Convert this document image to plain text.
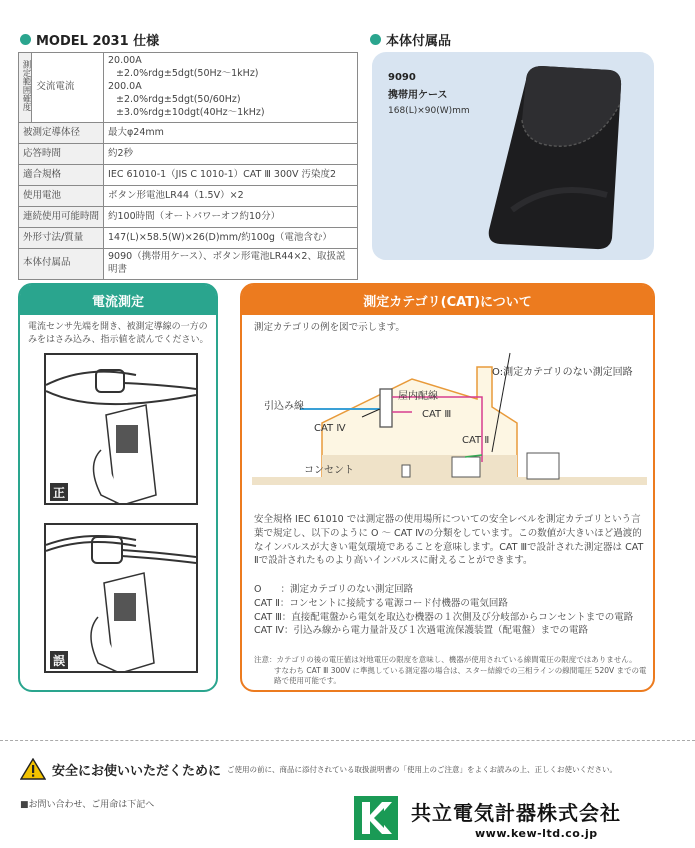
MODEL 2031 仕様
測定範囲確度	交流電流	20.00A
±2.0%rdg±5dgt(50Hz～1kHz)
200.0A
±2.0%rdg±5dgt(50/60Hz)
±3.0%rdg±10dgt(40Hz～1kHz)

被測定導体径		最大φ24mm
応答時間		約2秒
適合規格		IEC 61010-1（JIS C 1010-1）CAT Ⅲ 300V 汚染度2
使用電池		ボタン形電池LR44（1.5V）×2
連続使用可能時間		約100時間（オートパワーオフ約10分）
外形寸法/質量		147(L)×58.5(W)×26(D)mm/約100g（電池含む）
本体付属品		9090（携帯用ケース）、ボタン形電池LR44×2、取扱説明書
本体付属品
9090
携帯用ケース
168(L)×90(W)mm
電流測定
電流センサ先端を開き、被測定導線の一方のみをはさみ込み、指示値を読んでください。
正
誤
測定カテゴリ(CAT)について
測定カテゴリの例を図で示します。
O:測定カテゴリのない測定回路
屋内配線
引込み線
CAT Ⅲ
CAT Ⅳ
CAT Ⅱ
コンセント
安全規格 IEC 61010 では測定器の使用場所についての安全レベルを測定カテゴリという言葉で規定し、以下のように O ～ CAT Ⅳの分類をしています。この数値が大きいほど過渡的なインパルスが大きい電気環境であることを意味します。CAT Ⅲで設計された測定器は CAT Ⅱで設計されたものより高いインパルスに耐えることができます。
O　　：測定カテゴリのない測定回路
CAT Ⅱ：コンセントに接続する電源コード付機器の電気回路
CAT Ⅲ：直接配電盤から電気を取込む機器の１次側及び分岐部からコンセントまでの電路
CAT Ⅳ：引込み線から電力量計及び１次過電流保護装置（配電盤）までの電路
注意：カテゴリの後の電圧値は対地電圧の限度を意味し、機器が使用されている線間電圧の限度ではありません。
すなわち CAT Ⅲ 300V に準拠している測定器の場合は、スター結線での三相ラインの線間電圧 520V までの電路で使用可能です。
安全にお使いいただくために ご使用の前に、商品に添付されている取扱説明書の「使用上のご注意」をよくお読みの上、正しくお使いください。
■お問い合わせ、ご用命は下記へ	共立電気計器株式会社
www.kew-ltd.co.jp
